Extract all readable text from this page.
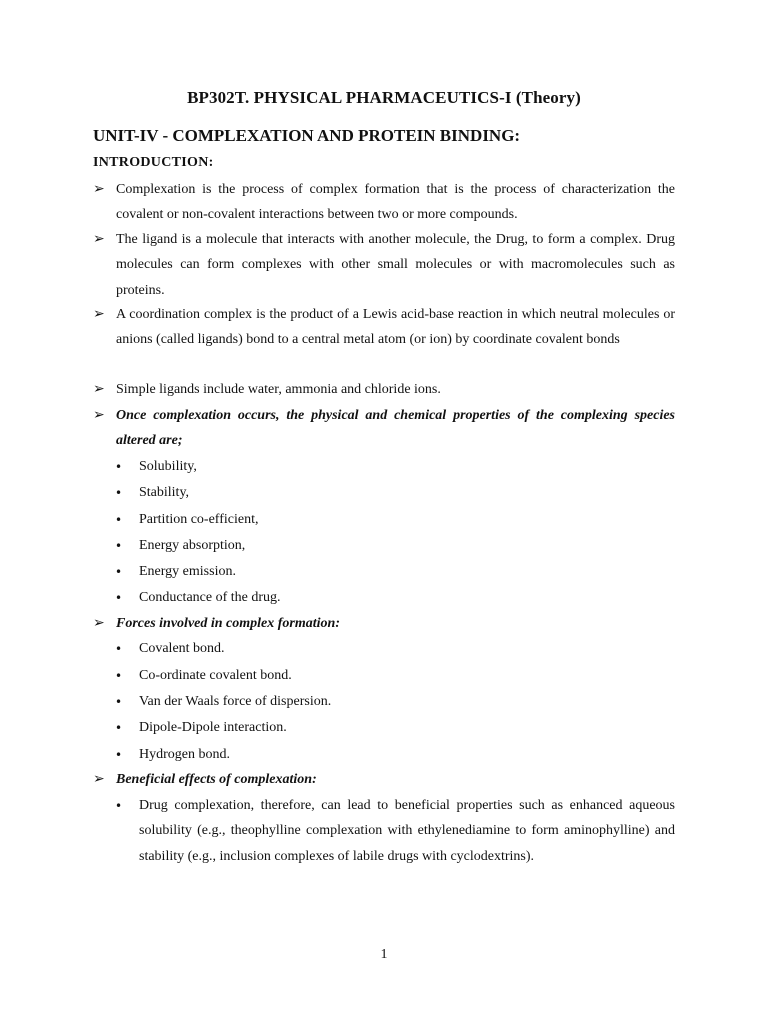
BP302T. PHYSICAL PHARMACEUTICS-I (Theory)
UNIT-IV - COMPLEXATION AND PROTEIN BINDING:
INTRODUCTION:
➢ Complexation is the process of complex formation that is the process of characterization the covalent or non-covalent interactions between two or more compounds.
➢ The ligand is a molecule that interacts with another molecule, the Drug, to form a complex. Drug molecules can form complexes with other small molecules or with macromolecules such as proteins.
➢ A coordination complex is the product of a Lewis acid-base reaction in which neutral molecules or anions (called ligands) bond to a central metal atom (or ion) by coordinate covalent bonds
➢ Simple ligands include water, ammonia and chloride ions.
➢ Once complexation occurs, the physical and chemical properties of the complexing species altered are;
• Solubility,
• Stability,
• Partition co-efficient,
• Energy absorption,
• Energy emission.
• Conductance of the drug.
➢ Forces involved in complex formation:
• Covalent bond.
• Co-ordinate covalent bond.
• Van der Waals force of dispersion.
• Dipole-Dipole interaction.
• Hydrogen bond.
➢ Beneficial effects of complexation:
• Drug complexation, therefore, can lead to beneficial properties such as enhanced aqueous solubility (e.g., theophylline complexation with ethylenediamine to form aminophylline) and stability (e.g., inclusion complexes of labile drugs with cyclodextrins).
1
